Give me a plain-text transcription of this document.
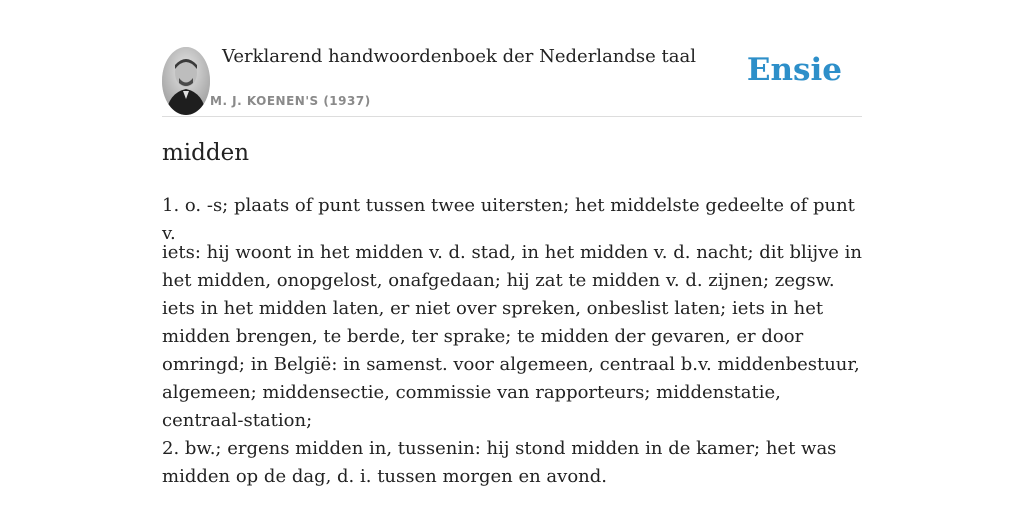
Verklarend handwoordenboek der Nederlandse taal
M. J. KOENEN'S (1937)
Ensie
midden

1. o. -s; plaats of punt tussen twee uitersten; het middelste gedeelte of punt v.

iets: hij woont in het midden v. d. stad, in het midden v. d. nacht; dit blijve in het midden, onopgelost, onafgedaan; hij zat te midden v. d. zijnen; zegsw. iets in het midden laten, er niet over spreken, onbeslist laten; iets in het midden brengen, te berde, ter sprake; te midden der gevaren, er door omringd; in België: in samenst. voor algemeen, centraal b.v. middenbestuur, algemeen; middensectie, commissie van rapporteurs; middenstatie, centraal-station;

2. bw.; ergens midden in, tussenin: hij stond midden in de kamer; het was midden op de dag, d. i. tussen morgen en avond.
